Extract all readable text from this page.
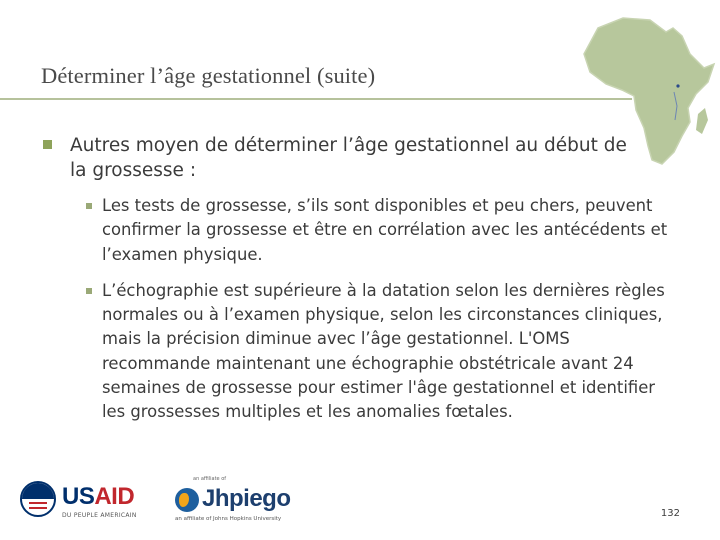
Déterminer l’âge gestationnel (suite)
Autres moyen de déterminer l’âge gestationnel au début de la grossesse :
Les tests de grossesse, s’ils sont disponibles et peu chers, peuvent confirmer la grossesse et être en corrélation avec les antécédents et l’examen physique.
L’échographie est supérieure à la datation selon les dernières règles normales ou à l’examen physique, selon les circonstances cliniques, mais la précision diminue avec l’âge gestationnel. L'OMS recommande maintenant une échographie obstétricale avant 24 semaines de grossesse pour estimer l'âge gestationnel et identifier les grossesses multiples et les anomalies fœtales.
USAID
DU PEUPLE AMERICAIN
an affiliate of
Jhpiego
an affiliate of Johns Hopkins University	132
